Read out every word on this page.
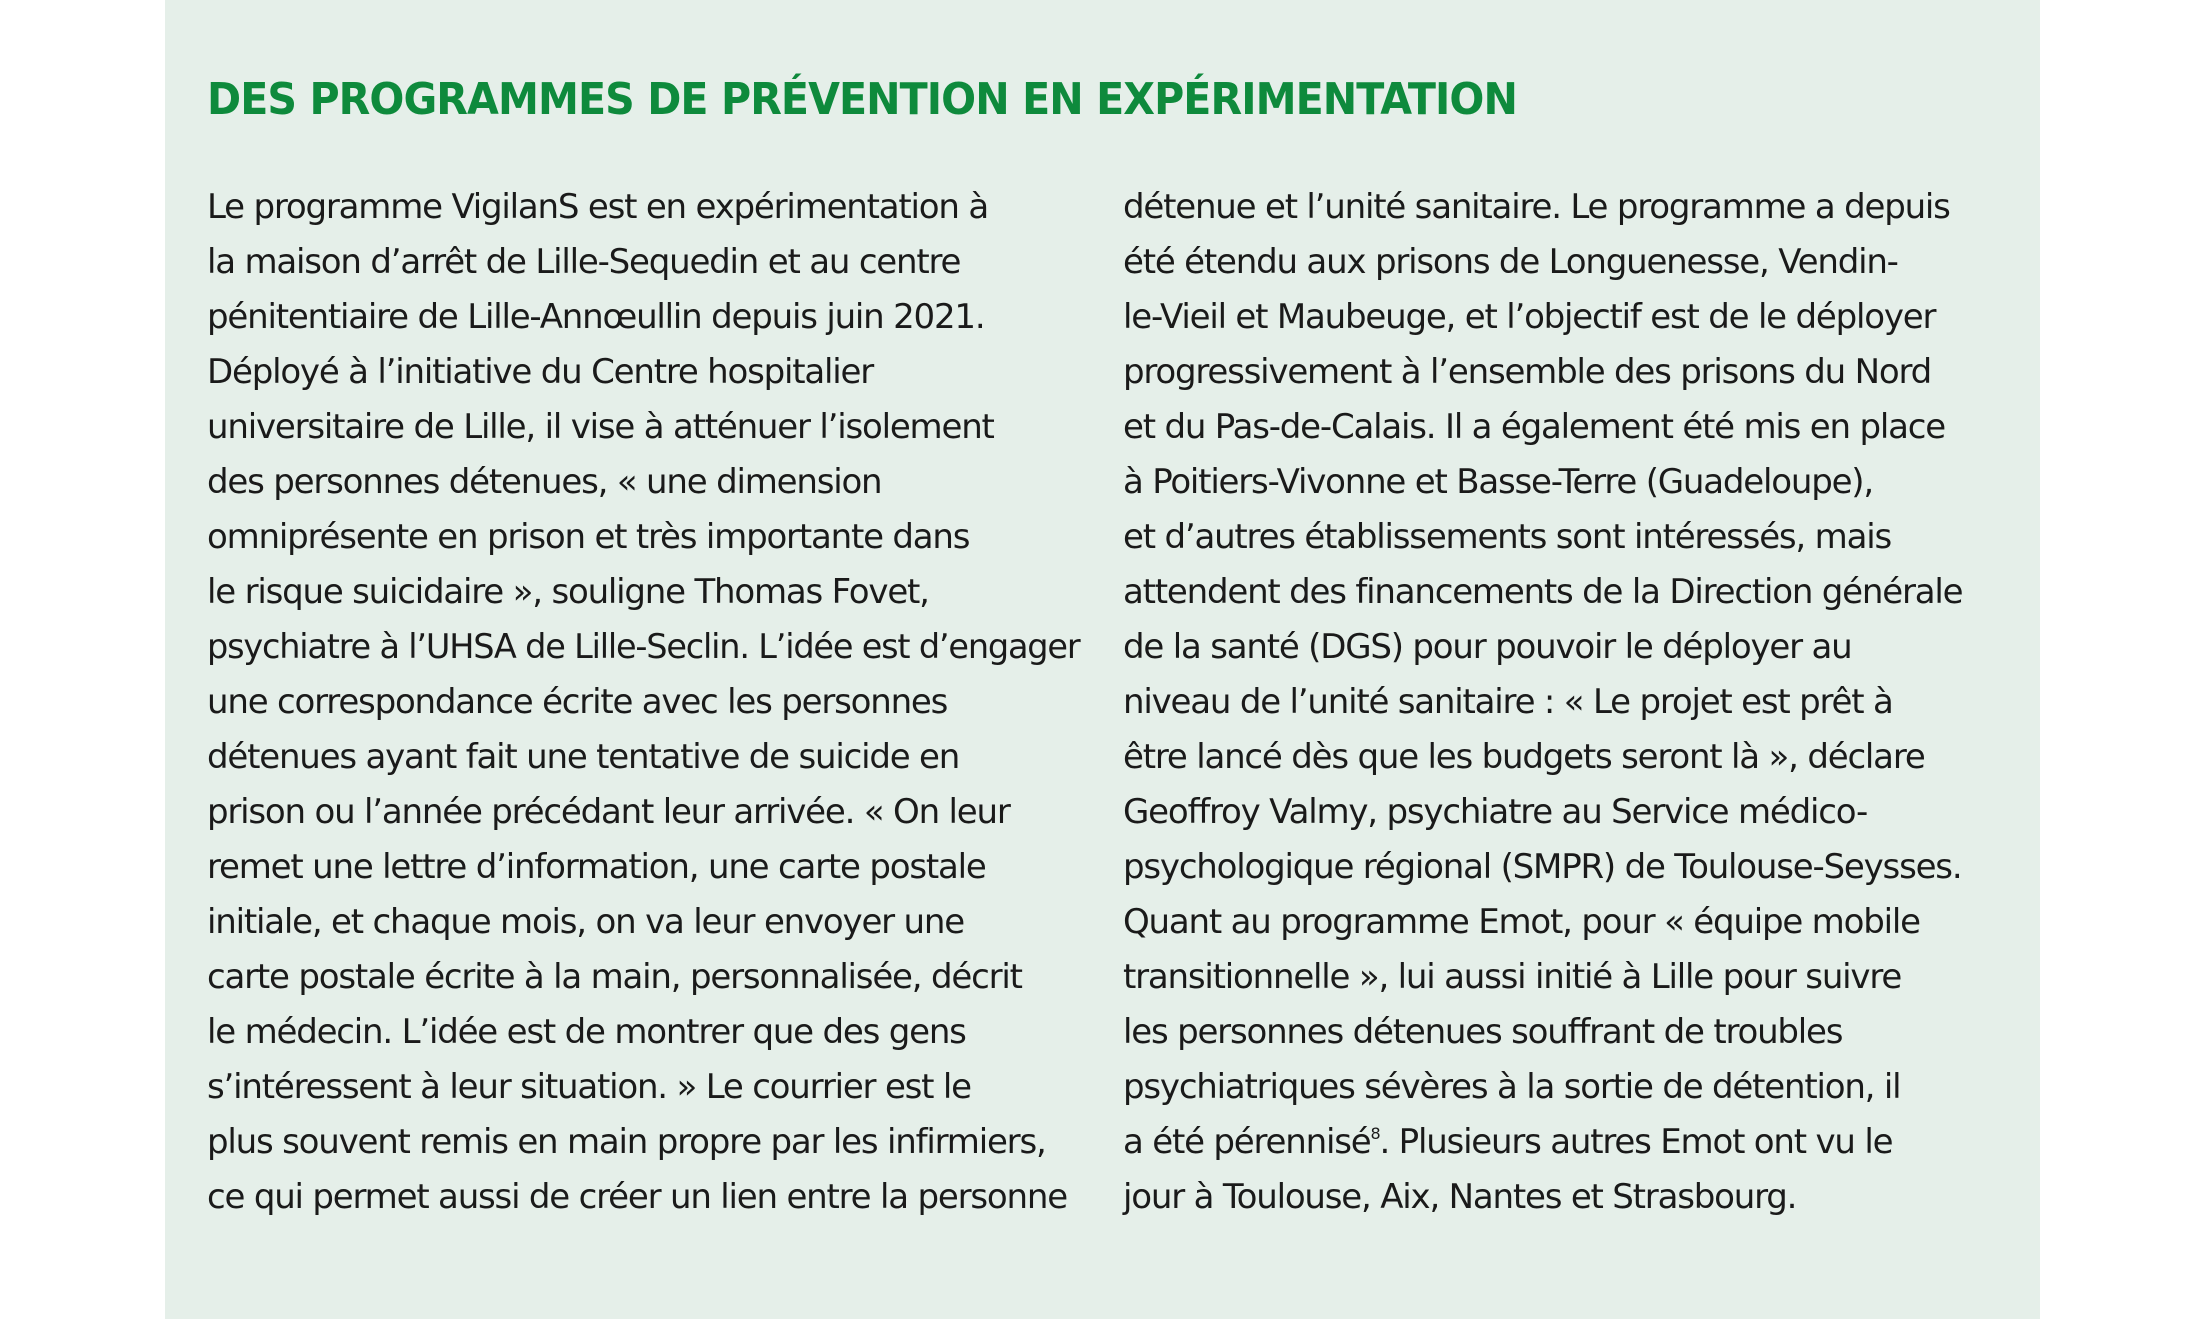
DES PROGRAMMES DE PRÉVENTION EN EXPÉRIMENTATION
Le programme VigilanS est en expérimentation à
la maison d’arrêt de Lille-Sequedin et au centre
pénitentiaire de Lille-Annœullin depuis juin 2021.
Déployé à l’initiative du Centre hospitalier
universitaire de Lille, il vise à atténuer l’isolement
des personnes détenues, « une dimension
omniprésente en prison et très importante dans
le risque suicidaire », souligne Thomas Fovet,
psychiatre à l’UHSA de Lille-Seclin. L’idée est d’engager
une correspondance écrite avec les personnes
détenues ayant fait une tentative de suicide en
prison ou l’année précédant leur arrivée. « On leur
remet une lettre d’information, une carte postale
initiale, et chaque mois, on va leur envoyer une
carte postale écrite à la main, personnalisée, décrit
le médecin. L’idée est de montrer que des gens
s’intéressent à leur situation. » Le courrier est le
plus souvent remis en main propre par les infirmiers,
ce qui permet aussi de créer un lien entre la personne
détenue et l’unité sanitaire. Le programme a depuis
été étendu aux prisons de Longuenesse, Vendin-
le-Vieil et Maubeuge, et l’objectif est de le déployer
progressivement à l’ensemble des prisons du Nord
et du Pas-de-Calais. Il a également été mis en place
à Poitiers-Vivonne et Basse-Terre (Guadeloupe),
et d’autres établissements sont intéressés, mais
attendent des financements de la Direction générale
de la santé (DGS) pour pouvoir le déployer au
niveau de l’unité sanitaire : « Le projet est prêt à
être lancé dès que les budgets seront là », déclare
Geoffroy Valmy, psychiatre au Service médico-
psychologique régional (SMPR) de Toulouse-Seysses.
Quant au programme Emot, pour « équipe mobile
transitionnelle », lui aussi initié à Lille pour suivre
les personnes détenues souffrant de troubles
psychiatriques sévères à la sortie de détention, il
a été pérennisé$^8$. Plusieurs autres Emot ont vu le
jour à Toulouse, Aix, Nantes et Strasbourg.
